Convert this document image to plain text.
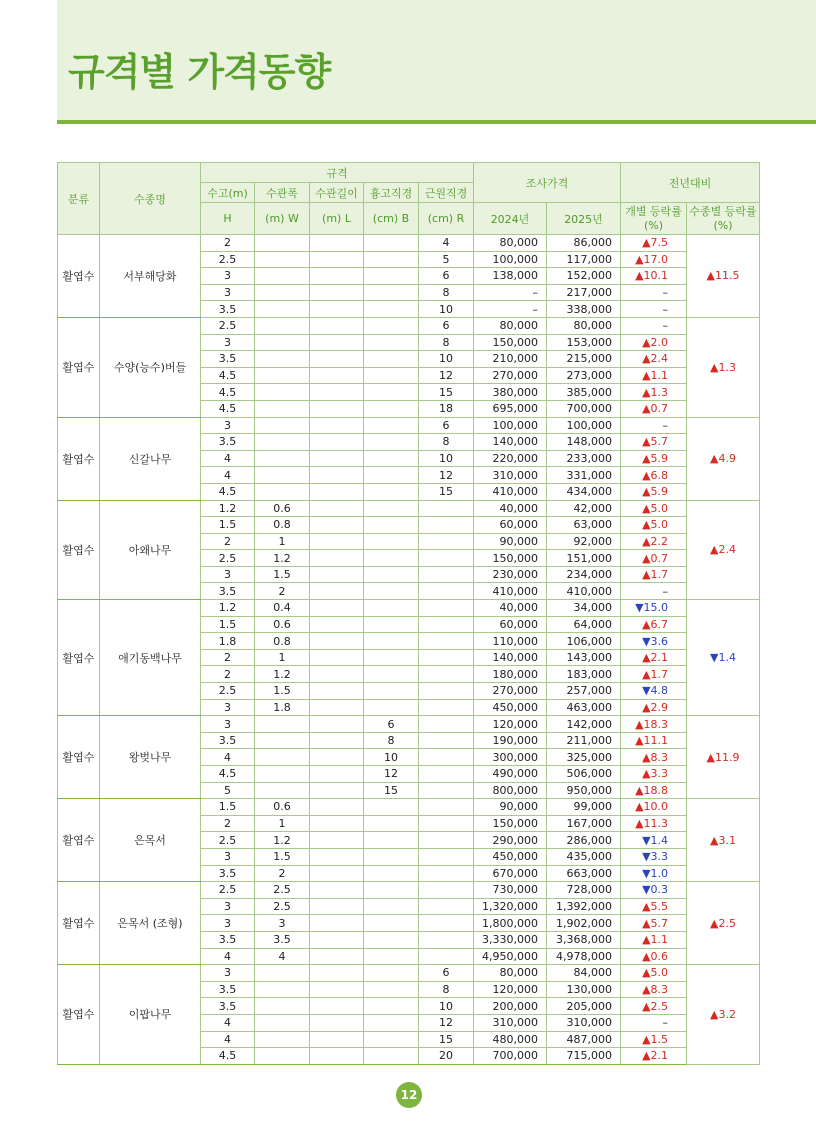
규격별 가격동향
분류	수종명	규격					조사가격		전년대비	
		수고(m)	수관폭	수관길이	흉고직경	근원직경				
		H	(m) W	(m) L	(cm) B	(cm) R	2024년	2025년	개별 등락률(%)	수종별 등락률(%)
활엽수	서부해당화	2				4	80,000	86,000	▲7.5	▲11.5
		2.5				5	100,000	117,000	▲17.0	
		3				6	138,000	152,000	▲10.1	
		3				8	–	217,000	–	
		3.5				10	–	338,000	–	
활엽수	수양(능수)버들	2.5				6	80,000	80,000	–	▲1.3
		3				8	150,000	153,000	▲2.0	
		3.5				10	210,000	215,000	▲2.4	
		4.5				12	270,000	273,000	▲1.1	
		4.5				15	380,000	385,000	▲1.3	
		4.5				18	695,000	700,000	▲0.7	
활엽수	신갈나무	3				6	100,000	100,000	–	▲4.9
		3.5				8	140,000	148,000	▲5.7	
		4				10	220,000	233,000	▲5.9	
		4				12	310,000	331,000	▲6.8	
		4.5				15	410,000	434,000	▲5.9	
활엽수	아왜나무	1.2	0.6				40,000	42,000	▲5.0	▲2.4
		1.5	0.8				60,000	63,000	▲5.0	
		2	1				90,000	92,000	▲2.2	
		2.5	1.2				150,000	151,000	▲0.7	
		3	1.5				230,000	234,000	▲1.7	
		3.5	2				410,000	410,000	–	
활엽수	애기동백나무	1.2	0.4				40,000	34,000	▼15.0	▼1.4
		1.5	0.6				60,000	64,000	▲6.7	
		1.8	0.8				110,000	106,000	▼3.6	
		2	1				140,000	143,000	▲2.1	
		2	1.2				180,000	183,000	▲1.7	
		2.5	1.5				270,000	257,000	▼4.8	
		3	1.8				450,000	463,000	▲2.9	
활엽수	왕벚나무	3			6		120,000	142,000	▲18.3	▲11.9
		3.5			8		190,000	211,000	▲11.1	
		4			10		300,000	325,000	▲8.3	
		4.5			12		490,000	506,000	▲3.3	
		5			15		800,000	950,000	▲18.8	
활엽수	은목서	1.5	0.6				90,000	99,000	▲10.0	▲3.1
		2	1				150,000	167,000	▲11.3	
		2.5	1.2				290,000	286,000	▼1.4	
		3	1.5				450,000	435,000	▼3.3	
		3.5	2				670,000	663,000	▼1.0	
활엽수	은목서 (조형)	2.5	2.5				730,000	728,000	▼0.3	▲2.5
		3	2.5				1,320,000	1,392,000	▲5.5	
		3	3				1,800,000	1,902,000	▲5.7	
		3.5	3.5				3,330,000	3,368,000	▲1.1	
		4	4				4,950,000	4,978,000	▲0.6	
활엽수	이팝나무	3				6	80,000	84,000	▲5.0	▲3.2
		3.5				8	120,000	130,000	▲8.3	
		3.5				10	200,000	205,000	▲2.5	
		4				12	310,000	310,000	–	
		4				15	480,000	487,000	▲1.5	
		4.5				20	700,000	715,000	▲2.1	
12
